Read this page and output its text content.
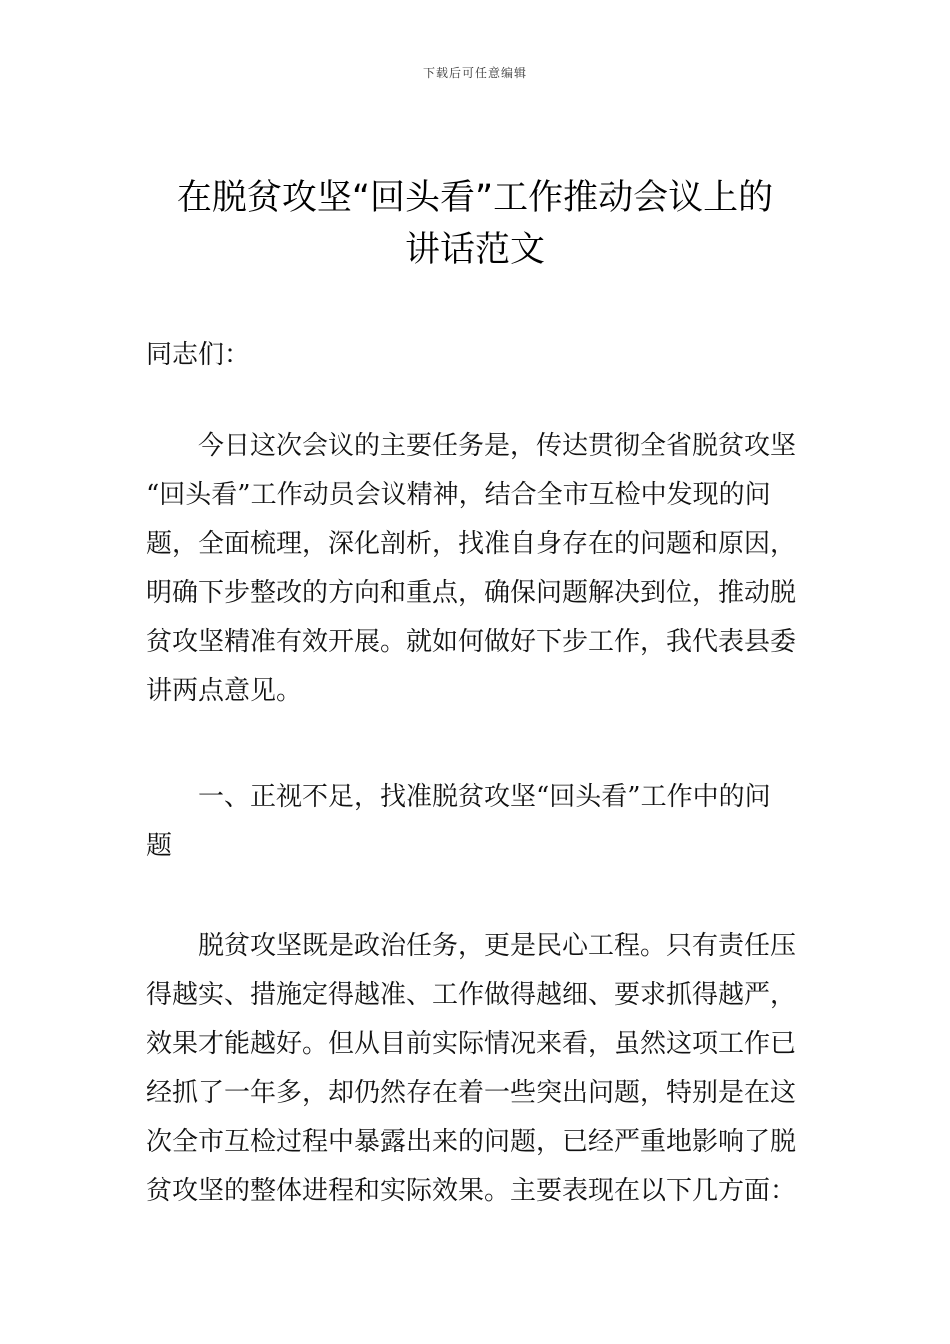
下载后可任意编辑
在脱贫攻坚“回头看”工作推动会议上的
讲话范文
同志们：
今日这次会议的主要任务是，传达贯彻全省脱贫攻坚
“回头看”工作动员会议精神，结合全市互检中发现的问
题，全面梳理，深化剖析，找准自身存在的问题和原因，
明确下步整改的方向和重点，确保问题解决到位，推动脱
贫攻坚精准有效开展。就如何做好下步工作，我代表县委
讲两点意见。
一、正视不足，找准脱贫攻坚“回头看”工作中的问
题
脱贫攻坚既是政治任务，更是民心工程。只有责任压
得越实、措施定得越准、工作做得越细、要求抓得越严，
效果才能越好。但从目前实际情况来看，虽然这项工作已
经抓了一年多，却仍然存在着一些突出问题，特别是在这
次全市互检过程中暴露出来的问题，已经严重地影响了脱
贫攻坚的整体进程和实际效果。主要表现在以下几方面：
